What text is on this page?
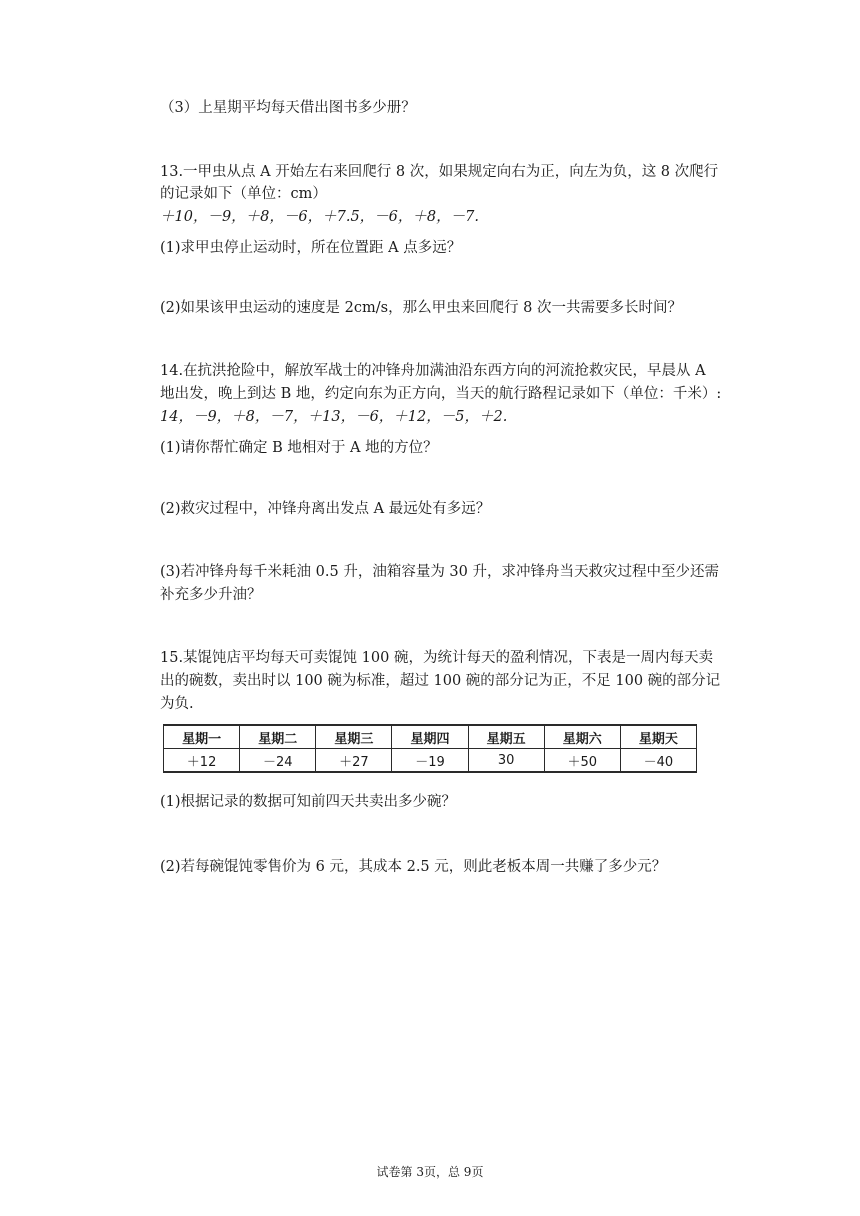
（3）上星期平均每天借出图书多少册？
13.一甲虫从点 A 开始左右来回爬行 8 次，如果规定向右为正，向左为负，这 8 次爬行
的记录如下（单位：cm）
＋10，－9，＋8，－6，＋7.5，－6，＋8，－7.
(1)求甲虫停止运动时，所在位置距 A 点多远？
(2)如果该甲虫运动的速度是 2cm/s，那么甲虫来回爬行 8 次一共需要多长时间？
14.在抗洪抢险中，解放军战士的冲锋舟加满油沿东西方向的河流抢救灾民，早晨从 A
地出发，晚上到达 B 地，约定向东为正方向，当天的航行路程记录如下（单位：千米）:
14，－9，＋8，－7，＋13，－6，＋12，－5，＋2.
(1)请你帮忙确定 B 地相对于 A 地的方位？
(2)救灾过程中，冲锋舟离出发点 A 最远处有多远？
(3)若冲锋舟每千米耗油 0.5 升，油箱容量为 30 升，求冲锋舟当天救灾过程中至少还需
补充多少升油？
15.某馄饨店平均每天可卖馄饨 100 碗，为统计每天的盈利情况，下表是一周内每天卖
出的碗数，卖出时以 100 碗为标准，超过 100 碗的部分记为正，不足 100 碗的部分记
为负.
星期一	星期二	星期三	星期四	星期五	星期六	星期天
＋12	－24	＋27	－19	30	＋50	－40
(1)根据记录的数据可知前四天共卖出多少碗？
(2)若每碗馄饨零售价为 6 元，其成本 2.5 元，则此老板本周一共赚了多少元？
试卷第 3页，总 9页
